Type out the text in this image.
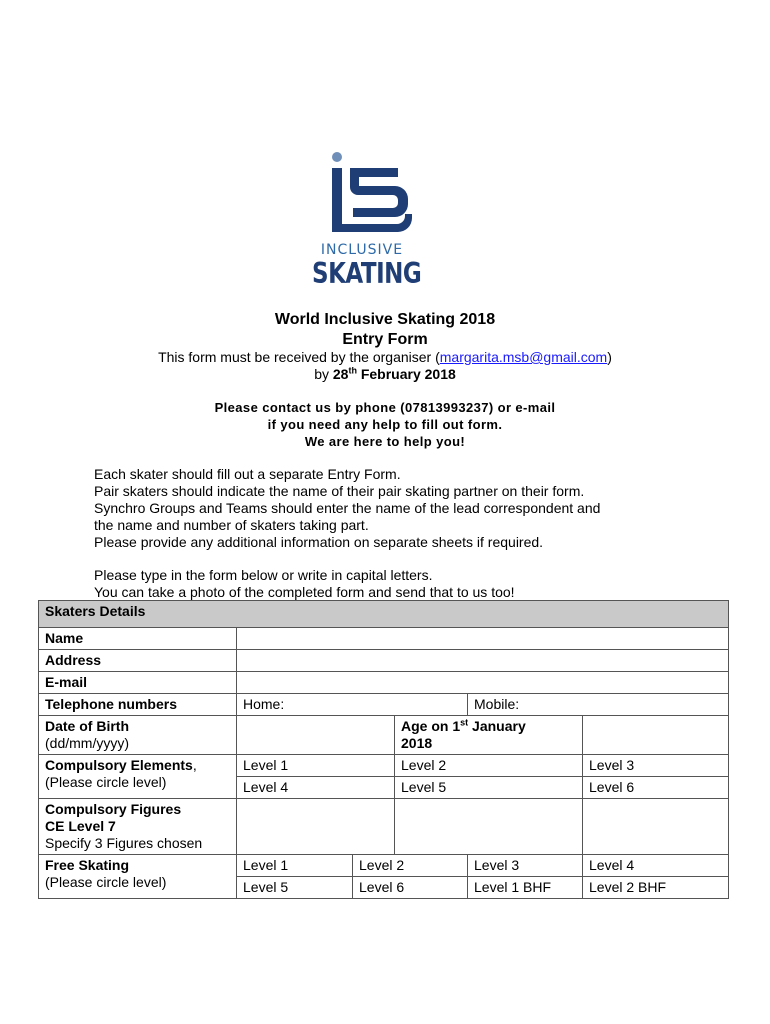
INCLUSIVE
SKATING
World Inclusive Skating 2018
Entry Form
This form must be received by the organiser (margarita.msb@gmail.com)
by 28th February 2018
Please contact us by phone (07813993237) or e-mail
if you need any help to fill out form.
We are here to help you!
Each skater should fill out a separate Entry Form.
Pair skaters should indicate the name of their pair skating partner on their form.
Synchro Groups and Teams should enter the name of the lead correspondent and
the name and number of skaters taking part.
Please provide any additional information on separate sheets if required.
Please type in the form below or write in capital letters.
You can take a photo of the completed form and send that to us too!
Skaters Details					
Name					
Address					
E-mail					
Telephone numbers	Home:			Mobile:	
Date of Birth
(dd/mm/yyyy)			Age on 1st January
2018		
Compulsory Elements,
(Please circle level)	Level 1		Level 2		Level 3
	Level 4		Level 5		Level 6
Compulsory Figures
CE Level 7
Specify 3 Figures chosen					
Free Skating
(Please circle level)	Level 1	Level 2		Level 3	Level 4
	Level 5	Level 6		Level 1 BHF	Level 2 BHF
